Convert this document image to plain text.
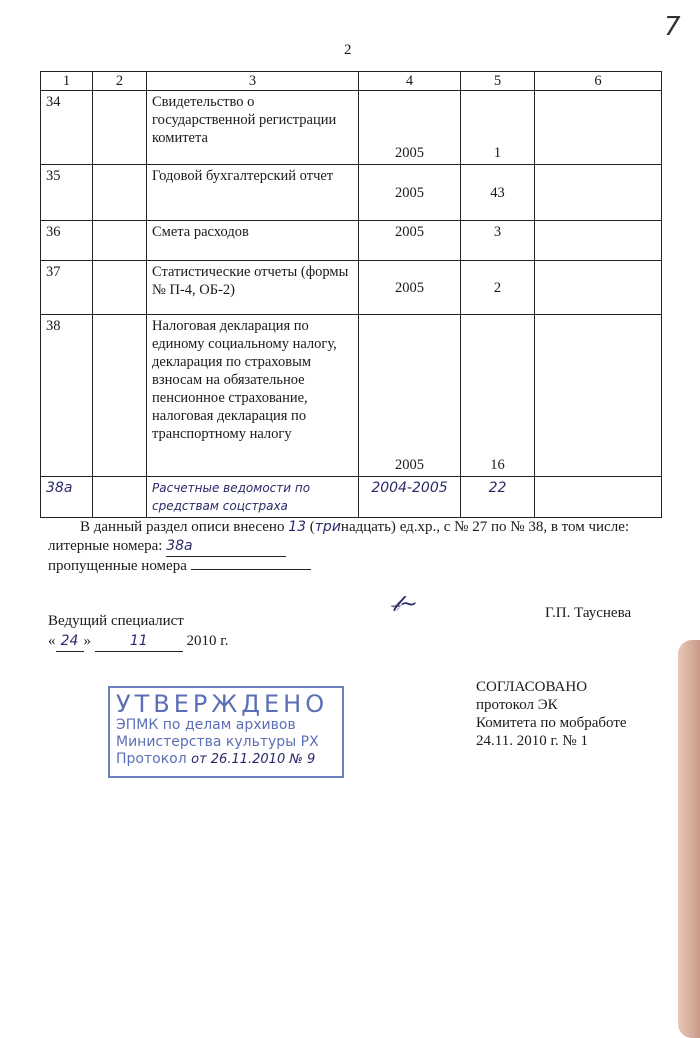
2
7
1	2	3	4	5	6
34		Свидетельство о государственной регистрации комитета	2005	1	
35		Годовой бухгалтерский отчет	2005	43	
36		Смета расходов	2005	3	
37		Статистические отчеты (формы № П-4, ОБ-2)	2005	2	
38		Налоговая декларация по единому социальному налогу, декларация по страховым взносам на обязательное пенсионное страхование, налоговая декларация по транспортному налогу	2005	16	
38а		Расчетные ведомости по средствам соцстраха	2004-2005	22	
В данный раздел описи внесено 13 (тринадцать) ед.хр., с № 27 по № 38, в том числе:
литерные номера: 38а
пропущенные номера
Ведущий специалист
« 24 »	11	2010 г.
𝓁̶~	Г.П. Тауснева
СОГЛАСОВАНО
протокол ЭК
Комитета по мобработе
24.11. 2010 г. № 1
УТВЕРЖДЕНО
ЭПМК по делам архивов
Министерства культуры РХ
Протокол от 26.11.2010 № 9
